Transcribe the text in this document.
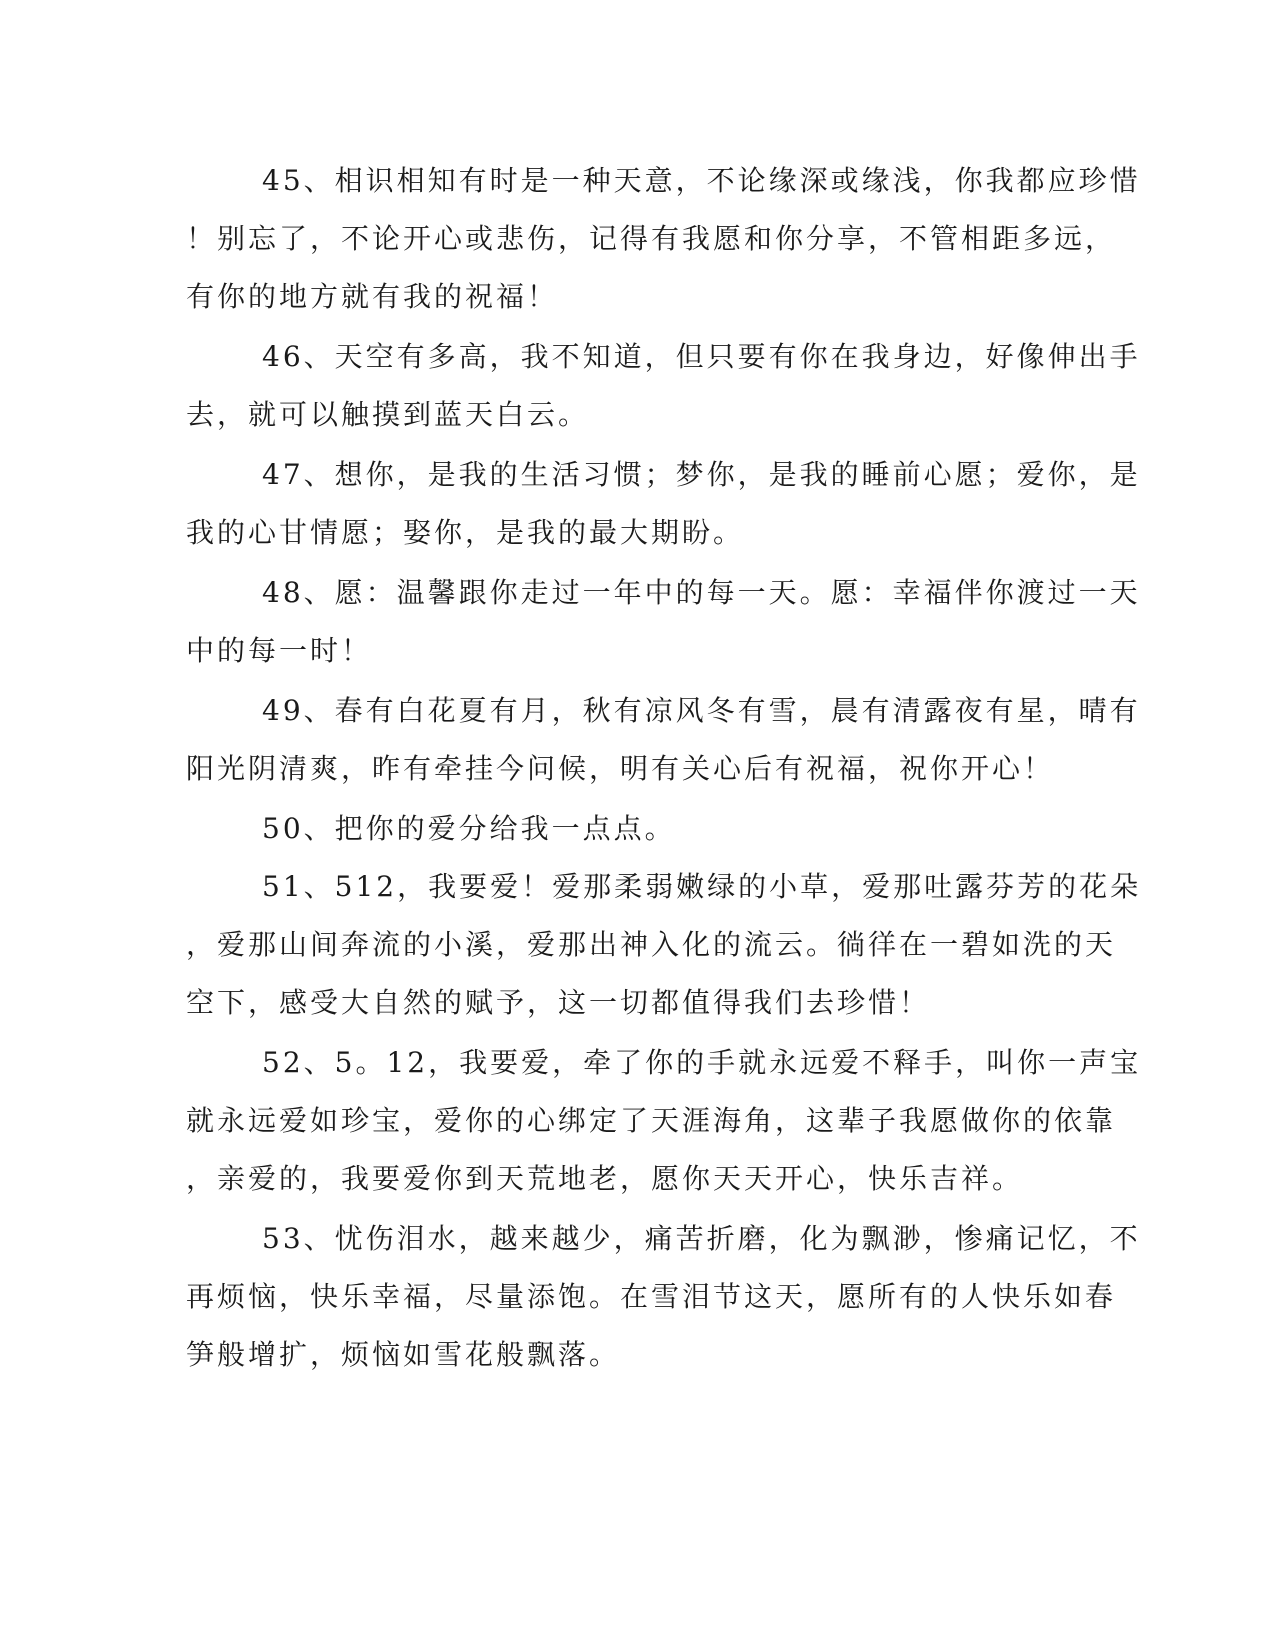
45、相识相知有时是一种天意，不论缘深或缘浅，你我都应珍惜
！别忘了，不论开心或悲伤，记得有我愿和你分享，不管相距多远，
有你的地方就有我的祝福！
46、天空有多高，我不知道，但只要有你在我身边，好像伸出手
去，就可以触摸到蓝天白云。
47、想你，是我的生活习惯；梦你，是我的睡前心愿；爱你，是
我的心甘情愿；娶你，是我的最大期盼。
48、愿：温馨跟你走过一年中的每一天。愿：幸福伴你渡过一天
中的每一时！
49、春有白花夏有月，秋有凉风冬有雪，晨有清露夜有星，晴有
阳光阴清爽，昨有牵挂今问候，明有关心后有祝福，祝你开心！
50、把你的爱分给我一点点。
51、512，我要爱！爱那柔弱嫩绿的小草，爱那吐露芬芳的花朵
，爱那山间奔流的小溪，爱那出神入化的流云。徜徉在一碧如洗的天
空下，感受大自然的赋予，这一切都值得我们去珍惜！
52、5。12，我要爱，牵了你的手就永远爱不释手，叫你一声宝
就永远爱如珍宝，爱你的心绑定了天涯海角，这辈子我愿做你的依靠
，亲爱的，我要爱你到天荒地老，愿你天天开心，快乐吉祥。
53、忧伤泪水，越来越少，痛苦折磨，化为飘渺，惨痛记忆，不
再烦恼，快乐幸福，尽量添饱。在雪泪节这天，愿所有的人快乐如春
笋般增扩，烦恼如雪花般飘落。
